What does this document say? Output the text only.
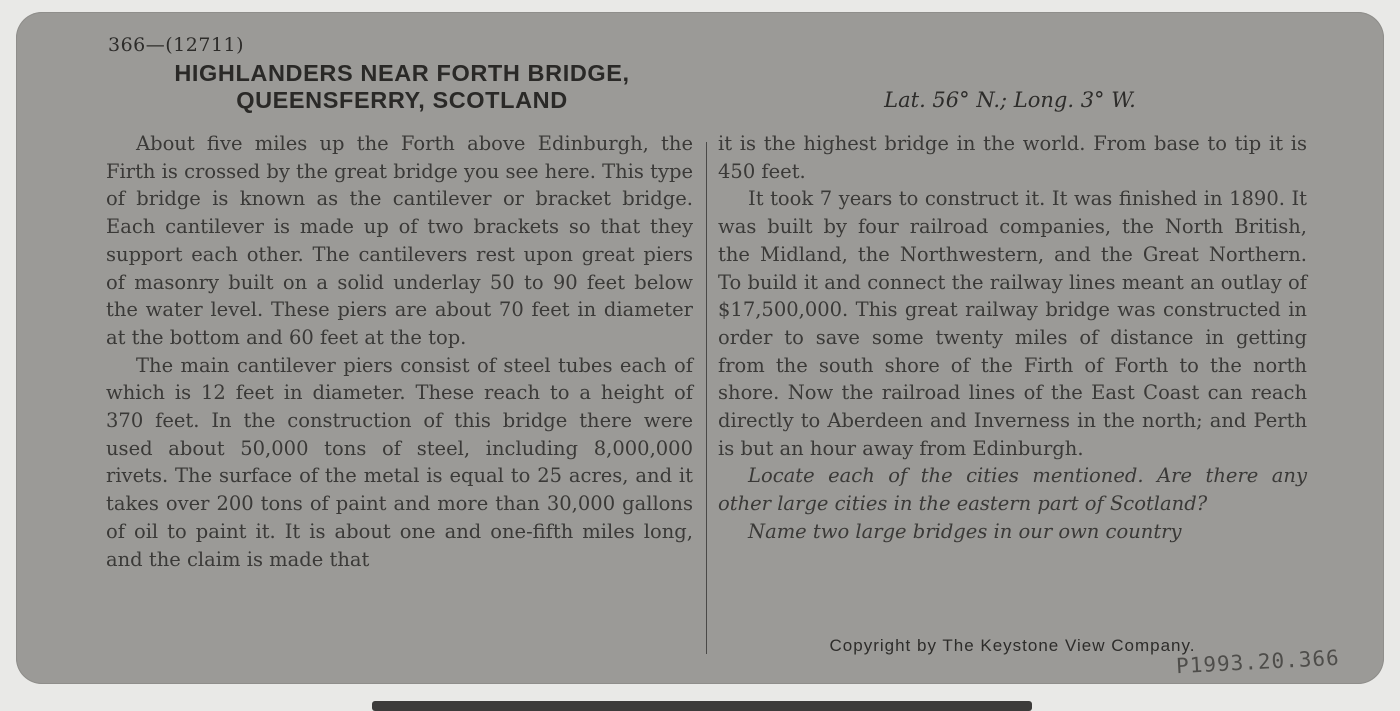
366—(12711)
HIGHLANDERS NEAR FORTH BRIDGE,
QUEENSFERRY, SCOTLAND	Lat. 56° N.; Long. 3° W.

About five miles up the Forth above Edinburgh, the Firth is crossed by the great bridge you see here. This type of bridge is known as the cantilever or bracket bridge. Each cantilever is made up of two brackets so that they support each other. The cantilevers rest upon great piers of masonry built on a solid underlay 50 to 90 feet below the water level. These piers are about 70 feet in diameter at the bottom and 60 feet at the top.

The main cantilever piers consist of steel tubes each of which is 12 feet in diameter. These reach to a height of 370 feet. In the construction of this bridge there were used about 50,000 tons of steel, including 8,000,000 rivets. The surface of the metal is equal to 25 acres, and it takes over 200 tons of paint and more than 30,000 gallons of oil to paint it. It is about one and one-fifth miles long, and the claim is made that

it is the highest bridge in the world. From base to tip it is 450 feet.

It took 7 years to construct it. It was finished in 1890. It was built by four railroad companies, the North British, the Midland, the Northwestern, and the Great Northern. To build it and connect the railway lines meant an outlay of $17,500,000. This great railway bridge was constructed in order to save some twenty miles of distance in getting from the south shore of the Firth of Forth to the north shore. Now the railroad lines of the East Coast can reach directly to Aberdeen and Inverness in the north; and Perth is but an hour away from Edinburgh.

Locate each of the cities mentioned. Are there any other large cities in the eastern part of Scotland?

Name two large bridges in our own country

Copyright by The Keystone View Company.
P1993.20.366
